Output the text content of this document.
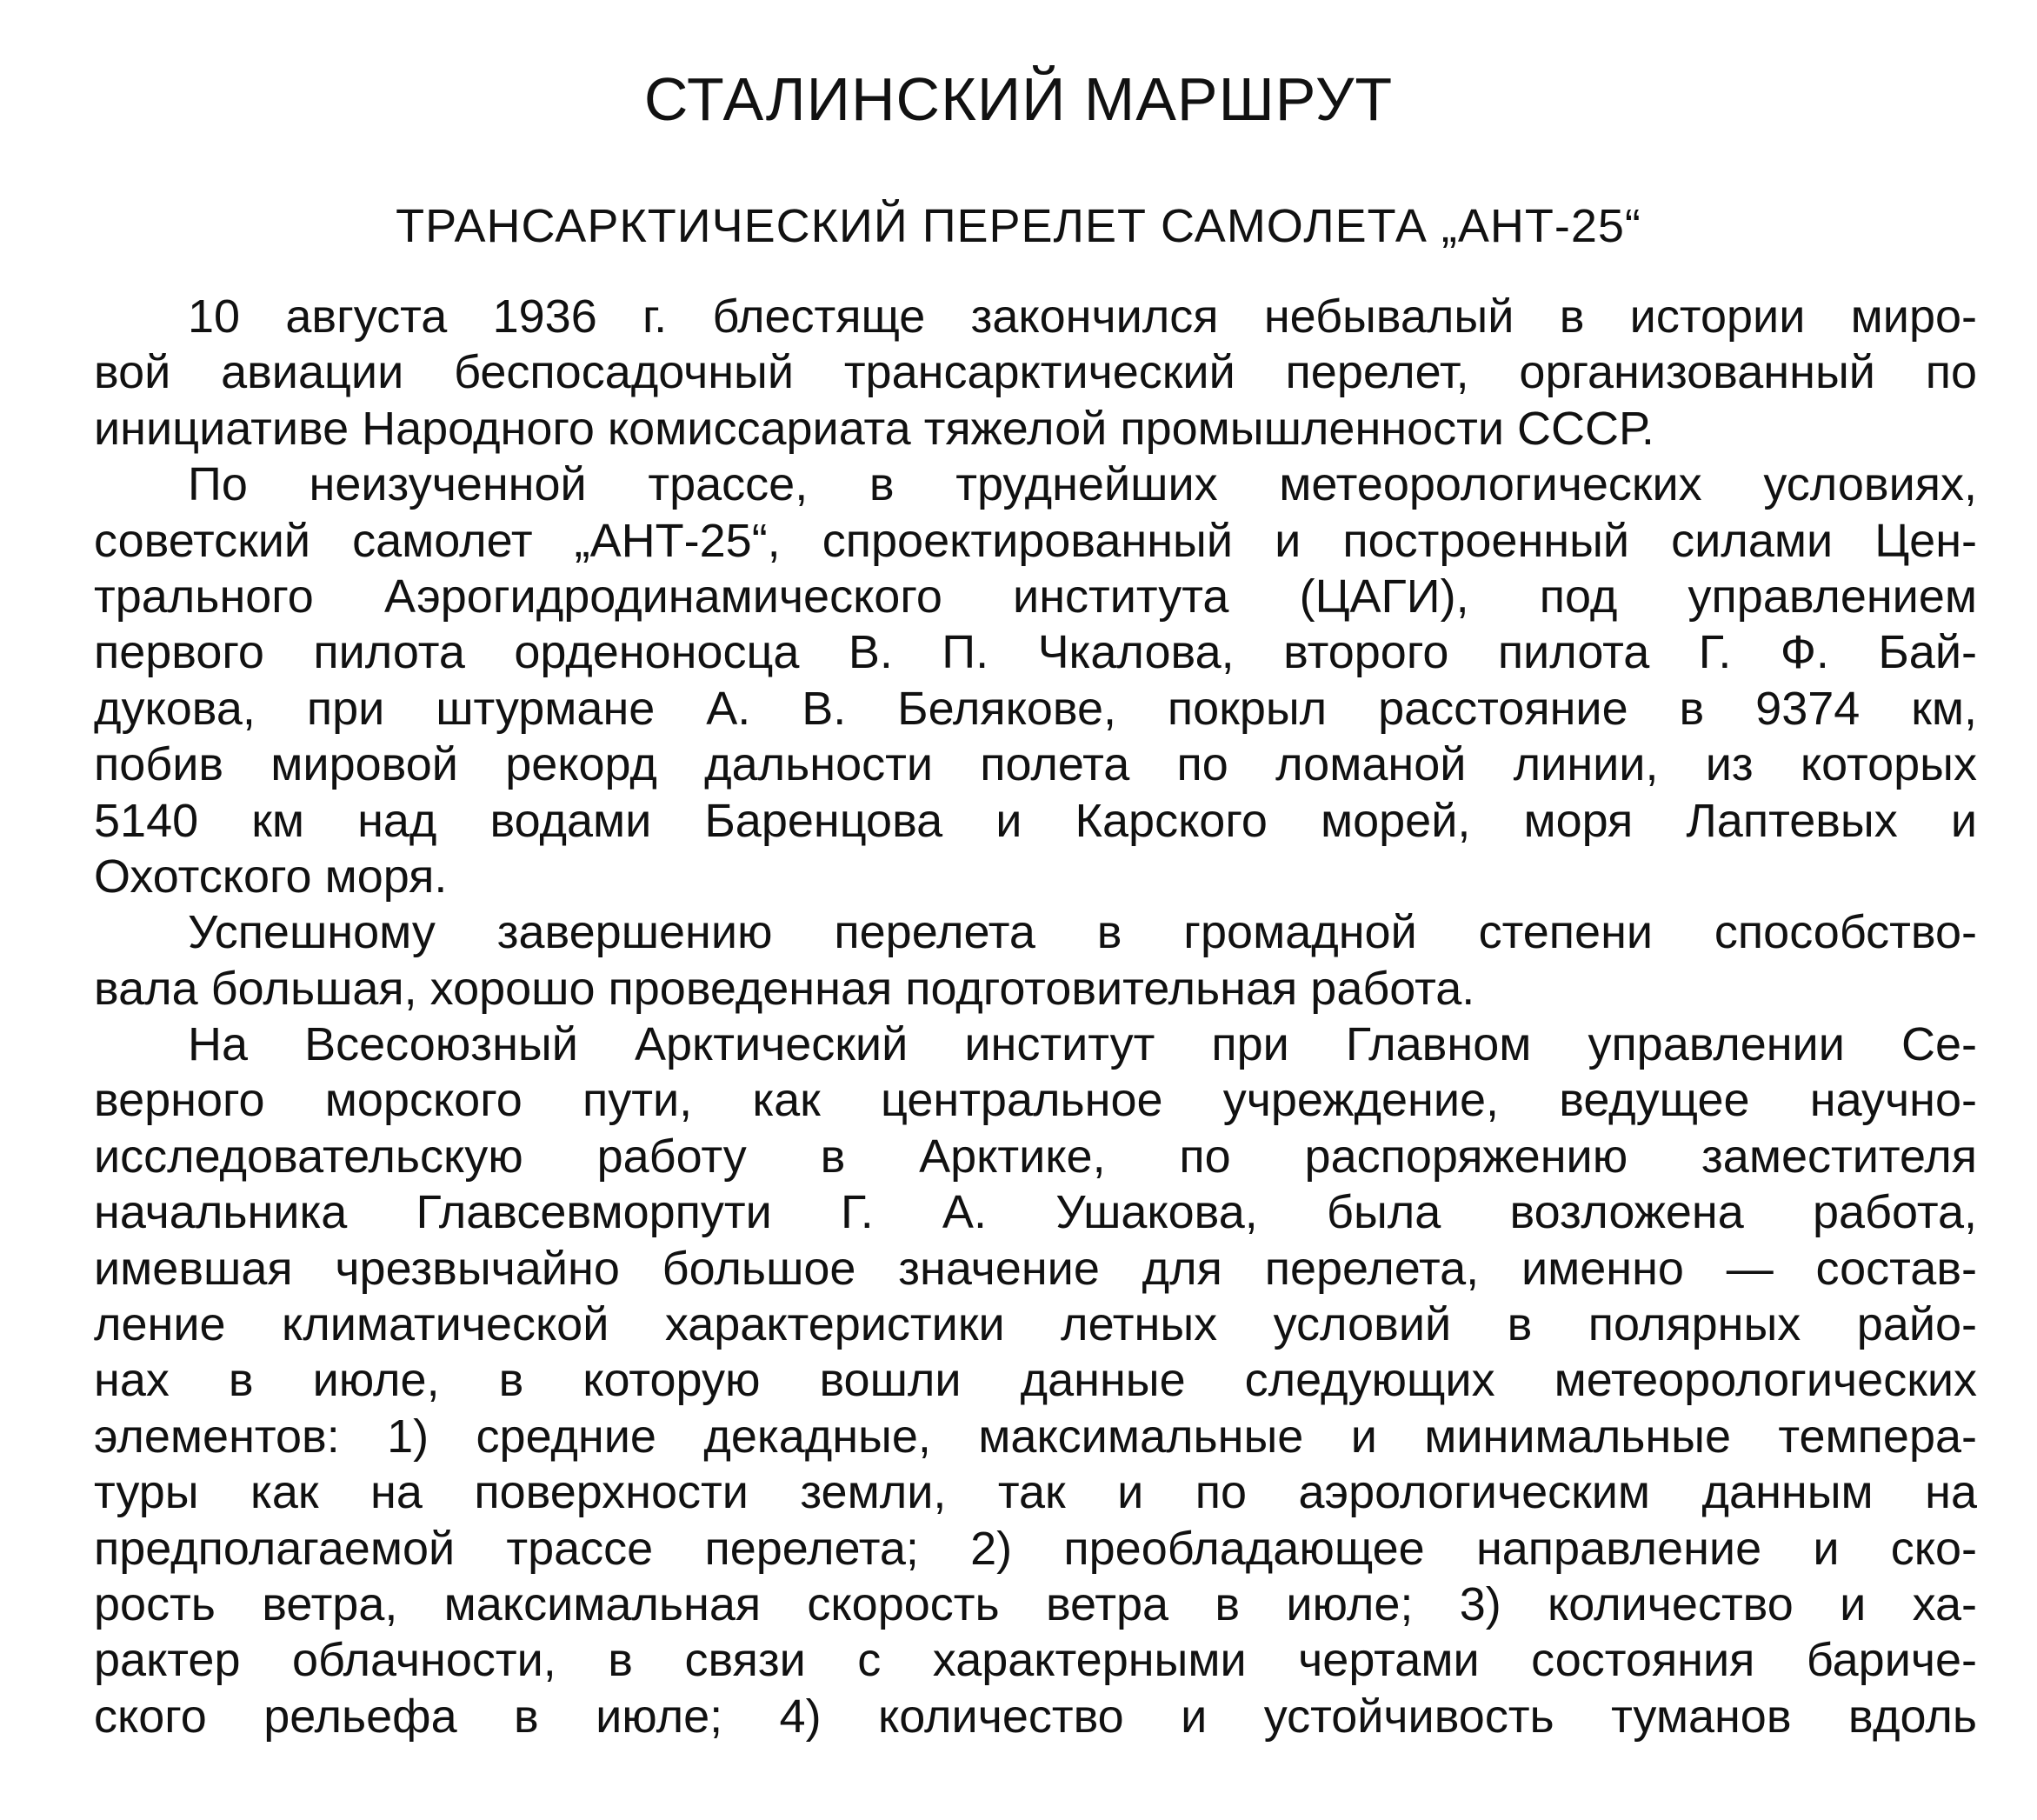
СТАЛИНСКИЙ МАРШРУТ
ТРАНСАРКТИЧЕСКИЙ ПЕРЕЛЕТ САМОЛЕТА „АНТ-25“
10 августа 1936 г. блестяще закончился небывалый в истории миро-
вой авиации беспосадочный трансарктический перелет, организованный по
инициативе Народного комиссариата тяжелой промышленности СССР.
По неизученной трассе, в труднейших метеорологических условиях,
советский самолет „АНТ-25“, спроектированный и построенный силами Цен-
трального Аэрогидродинамического института (ЦАГИ), под управлением
первого пилота орденоносца В. П. Чкалова, второго пилота Г. Ф. Бай-
дукова, при штурмане А. В. Белякове, покрыл расстояние в 9374 км,
побив мировой рекорд дальности полета по ломаной линии, из которых
5140 км над водами Баренцова и Карского морей, моря Лаптевых и
Охотского моря.
Успешному завершению перелета в громадной степени способство-
вала большая, хорошо проведенная подготовительная работа.
На Всесоюзный Арктический институт при Главном управлении Се-
верного морского пути, как центральное учреждение, ведущее научно-
исследовательскую работу в Арктике, по распоряжению заместителя
начальника Главсевморпути Г. А. Ушакова, была возложена работа,
имевшая чрезвычайно большое значение для перелета, именно — состав-
ление климатической характеристики летных условий в полярных райо-
нах в июле, в которую вошли данные следующих метеорологических
элементов: 1) средние декадные, максимальные и минимальные темпера-
туры как на поверхности земли, так и по аэрологическим данным на
предполагаемой трассе перелета; 2) преобладающее направление и ско-
рость ветра, максимальная скорость ветра в июле; 3) количество и ха-
рактер облачности, в связи с характерными чертами состояния бариче-
ского рельефа в июле; 4) количество и устойчивость туманов вдоль
